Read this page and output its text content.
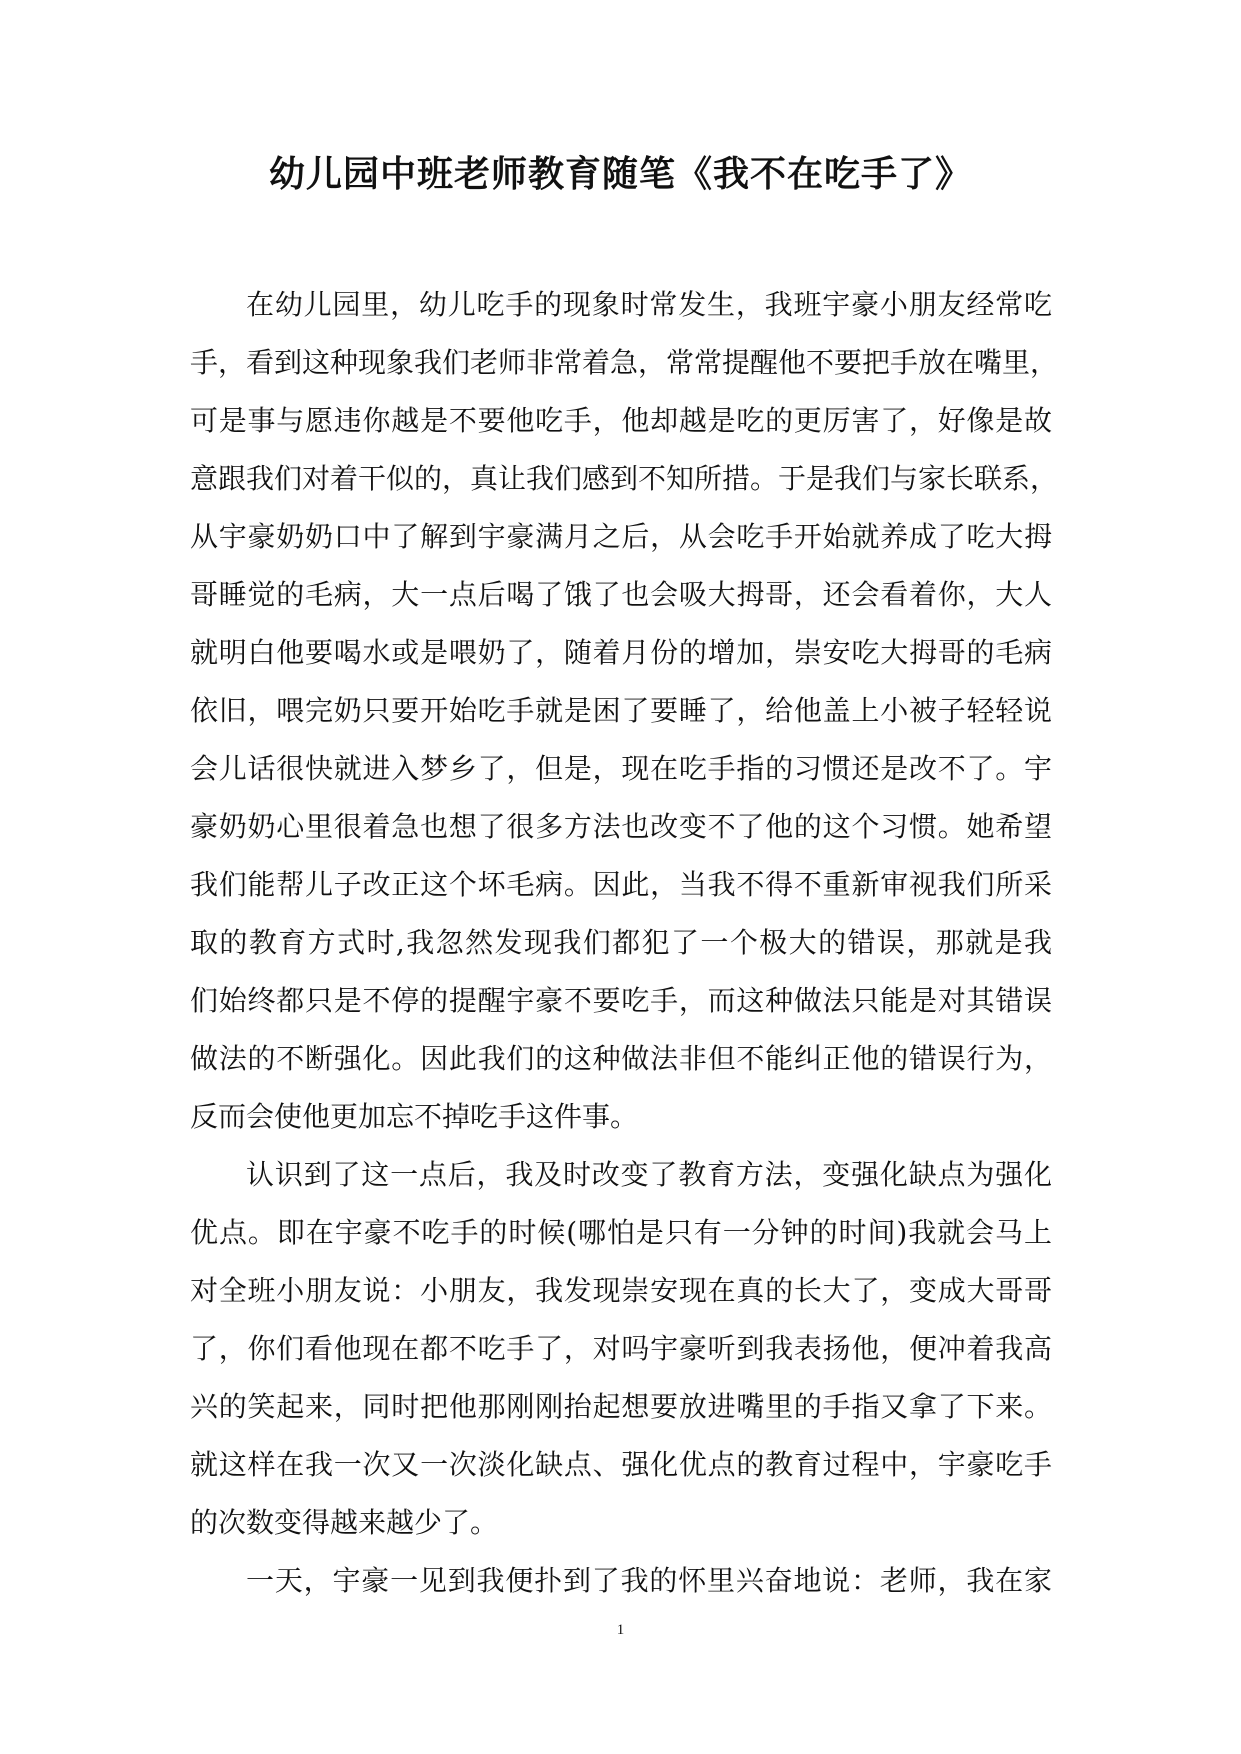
幼儿园中班老师教育随笔《我不在吃手了》

在幼儿园里，幼儿吃手的现象时常发生，我班宇豪小朋友经常吃
手，看到这种现象我们老师非常着急，常常提醒他不要把手放在嘴里，
可是事与愿违你越是不要他吃手，他却越是吃的更厉害了，好像是故
意跟我们对着干似的，真让我们感到不知所措。于是我们与家长联系，
从宇豪奶奶口中了解到宇豪满月之后，从会吃手开始就养成了吃大拇
哥睡觉的毛病，大一点后喝了饿了也会吸大拇哥，还会看着你，大人
就明白他要喝水或是喂奶了，随着月份的增加，崇安吃大拇哥的毛病
依旧，喂完奶只要开始吃手就是困了要睡了，给他盖上小被子轻轻说
会儿话很快就进入梦乡了，但是，现在吃手指的习惯还是改不了。宇
豪奶奶心里很着急也想了很多方法也改变不了他的这个习惯。她希望
我们能帮儿子改正这个坏毛病。因此，当我不得不重新审视我们所采
取的教育方式时,我忽然发现我们都犯了一个极大的错误，那就是我
们始终都只是不停的提醒宇豪不要吃手，而这种做法只能是对其错误
做法的不断强化。因此我们的这种做法非但不能纠正他的错误行为，
反而会使他更加忘不掉吃手这件事。

认识到了这一点后，我及时改变了教育方法，变强化缺点为强化
优点。即在宇豪不吃手的时候(哪怕是只有一分钟的时间)我就会马上
对全班小朋友说：小朋友，我发现崇安现在真的长大了，变成大哥哥
了，你们看他现在都不吃手了，对吗宇豪听到我表扬他，便冲着我高
兴的笑起来，同时把他那刚刚抬起想要放进嘴里的手指又拿了下来。
就这样在我一次又一次淡化缺点、强化优点的教育过程中，宇豪吃手
的次数变得越来越少了。

一天，宇豪一见到我便扑到了我的怀里兴奋地说：老师，我在家

1
